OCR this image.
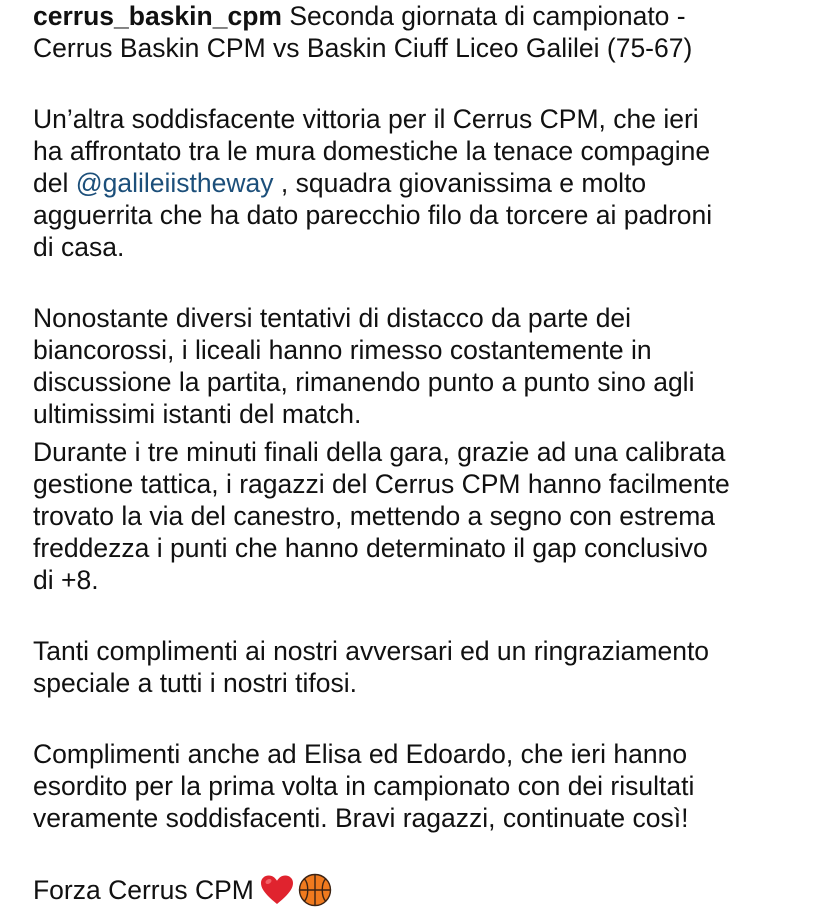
cerrus_baskin_cpm Seconda giornata di campionato -
Cerrus Baskin CPM vs Baskin Ciuff Liceo Galilei (75-67)
Un’altra soddisfacente vittoria per il Cerrus CPM, che ieri
ha affrontato tra le mura domestiche la tenace compagine
del @galileiistheway , squadra giovanissima e molto
agguerrita che ha dato parecchio filo da torcere ai padroni
di casa.
Nonostante diversi tentativi di distacco da parte dei
biancorossi, i liceali hanno rimesso costantemente in
discussione la partita, rimanendo punto a punto sino agli
ultimissimi istanti del match.
Durante i tre minuti finali della gara, grazie ad una calibrata
gestione tattica, i ragazzi del Cerrus CPM hanno facilmente
trovato la via del canestro, mettendo a segno con estrema
freddezza i punti che hanno determinato il gap conclusivo
di +8.
Tanti complimenti ai nostri avversari ed un ringraziamento
speciale a tutti i nostri tifosi.
Complimenti anche ad Elisa ed Edoardo, che ieri hanno
esordito per la prima volta in campionato con dei risultati
veramente soddisfacenti. Bravi ragazzi, continuate così!
Forza Cerrus CPM
